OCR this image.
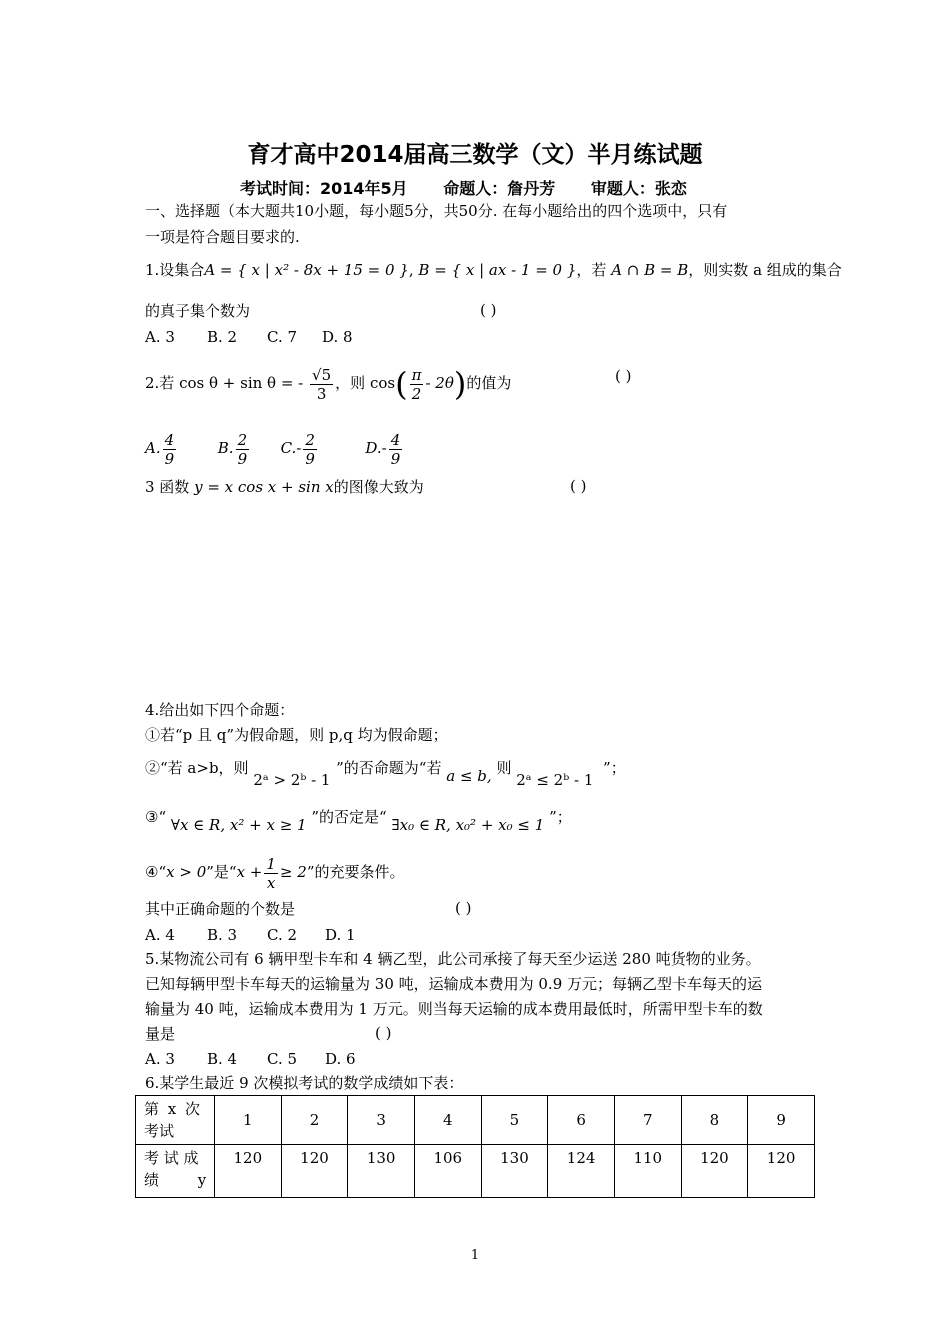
育才高中2014届高三数学（文）半月练试题
考试时间：2014年5月 命题人：詹丹芳 审题人：张恋
一、选择题（本大题共10小题，每小题5分，共50分. 在每小题给出的四个选项中，只有
一项是符合题目要求的.
1.设集合A = { x | x² - 8x + 15 = 0 }, B = { x | ax - 1 = 0 }，若 A ∩ B = B，则实数 a 组成的集合
的真子集个数为	( )
A. 3 B. 2 C. 7 D. 8
2.若 cos θ + sin θ = - $\frac{√5}{3}$ ，则 $\cos( \frac{\pi}{2} - 2\theta)$的值为	( )
A. $\frac{4}{9}$	B. $\frac{2}{9} C.- \frac{2}{9}$	$D.- \frac{4}{9}$
3 函数 y = x cos x + sin x的图像大致为	( )
4.给出如下四个命题：
①若“p 且 q”为假命题，则 p,q 均为假命题；
②“若 a>b，则 2ᵃ > 2ᵇ - 1 ”的否命题为“若 a ≤ b, 则 2ᵃ ≤ 2ᵇ - 1 ”；
③“ ∀x ∈ R, x² + x ≥ 1 ”的否定是“ ∃x₀ ∈ R, x₀² + x₀ ≤ 1 ”；
④“x > 0”是“$x + \frac{1}{x} \ge 2$”的充要条件。
其中正确命题的个数是	( )
A. 4 B. 3 C. 2 D. 1
5.某物流公司有 6 辆甲型卡车和 4 辆乙型，此公司承接了每天至少运送 280 吨货物的业务。
已知每辆甲型卡车每天的运输量为 30 吨，运输成本费用为 0.9 万元；每辆乙型卡车每天的运
输量为 40 吨，运输成本费用为 1 万元。则当每天运输的成本费用最低时，所需甲型卡车的数
量是	( )
A. 3 B. 4 C. 5 D. 6
6.某学生最近 9 次模拟考试的数学成绩如下表：
第 x 次
考试	1	2	3	4	5	6	7	8	9
考 试 成
绩 y	120	120	130	106	130	124	110	120	120
1
